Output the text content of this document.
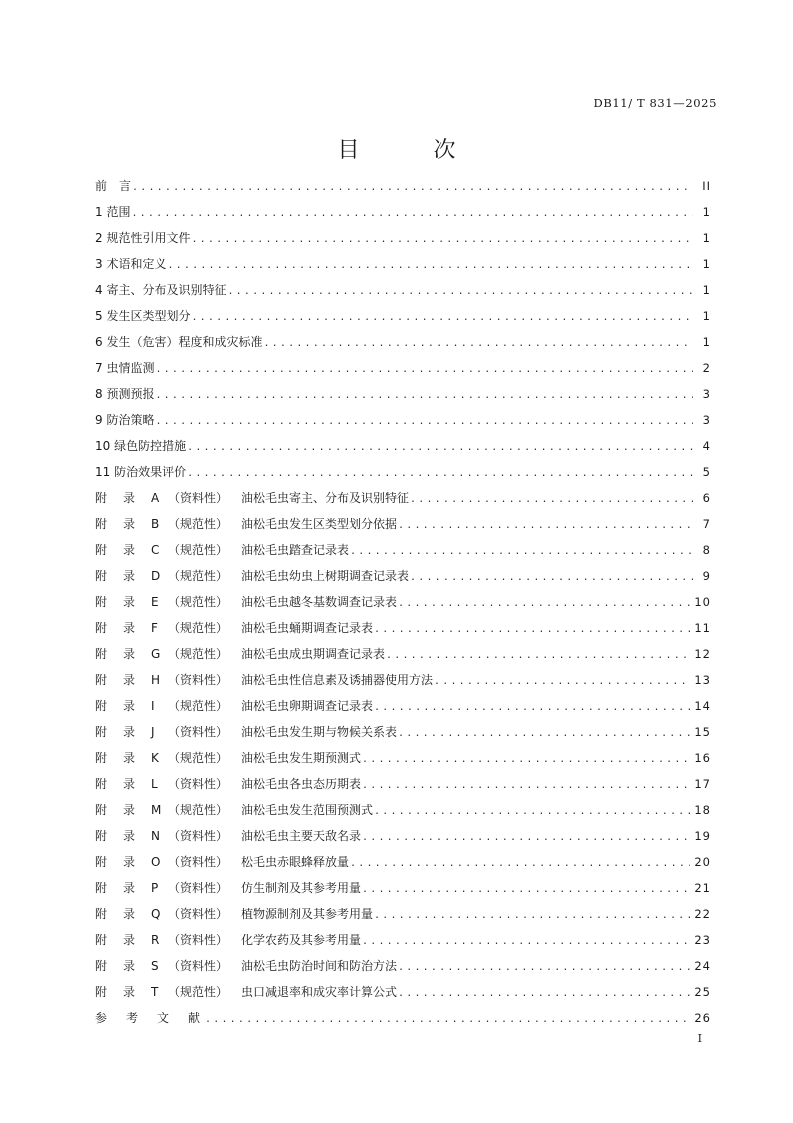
DB11/ T 831—2025
目　次
前　言 .....	II
1 范围 .....	1
2 规范性引用文件 .....	1
3 术语和定义 .....	1
4 寄主、分布及识别特征 .....	1
5 发生区类型划分 .....	1
6 发生（危害）程度和成灾标准 .....	1
7 虫情监测 .....	2
8 预测预报 .....	3
9 防治策略 .....	3
10 绿色防控措施 .....	4
11 防治效果评价 .....	5
附 录 A （资料性） 油松毛虫寄主、分布及识别特征 .....	6
附 录 B （规范性） 油松毛虫发生区类型划分依据 .....	7
附 录 C （规范性） 油松毛虫踏查记录表 .....	8
附 录 D （规范性） 油松毛虫幼虫上树期调查记录表 .....	9
附 录 E （规范性） 油松毛虫越冬基数调查记录表 .....	10
附 录 F （规范性） 油松毛虫蛹期调查记录表 .....	11
附 录 G （规范性） 油松毛虫成虫期调查记录表 .....	12
附 录 H （资料性） 油松毛虫性信息素及诱捕器使用方法 .....	13
附 录 I （规范性） 油松毛虫卵期调查记录表 .....	14
附 录 J （资料性） 油松毛虫发生期与物候关系表 .....	15
附 录 K （规范性） 油松毛虫发生期预测式 .....	16
附 录 L （资料性） 油松毛虫各虫态历期表 .....	17
附 录 M （规范性） 油松毛虫发生范围预测式 .....	18
附 录 N （资料性） 油松毛虫主要天敌名录 .....	19
附 录 O （资料性） 松毛虫赤眼蜂释放量 .....	20
附 录 P （资料性） 仿生制剂及其参考用量 .....	21
附 录 Q （资料性） 植物源制剂及其参考用量 .....	22
附 录 R （资料性） 化学农药及其参考用量 .....	23
附 录 S （资料性） 油松毛虫防治时间和防治方法 .....	24
附 录 T （规范性） 虫口减退率和成灾率计算公式 .....	25
参考文献 .....	26
I
